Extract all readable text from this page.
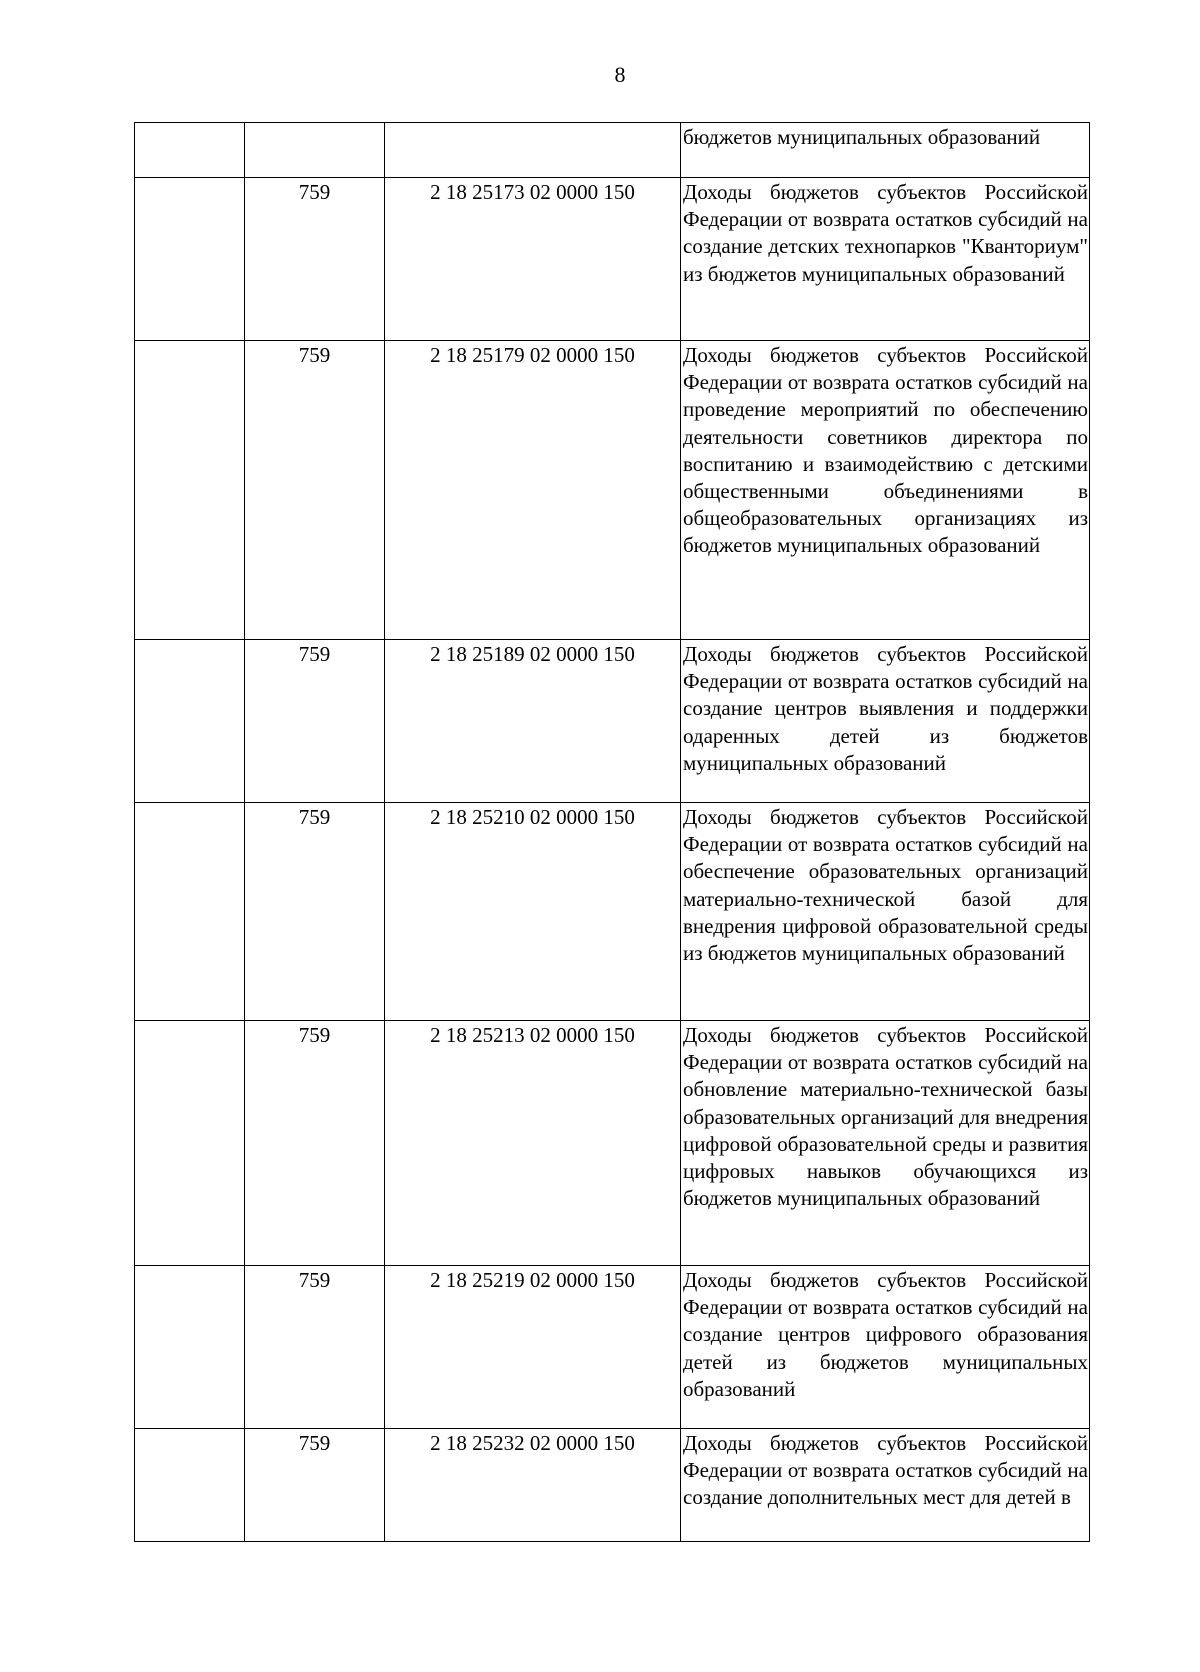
8

			бюджетов муниципальных образований

	759	2 18 25173 02 0000 150	Доходы бюджетов субъектов Российской Федерации от возврата остатков субсидий на создание детских технопарков "Кванториум" из бюджетов муниципальных образований

	759	2 18 25179 02 0000 150	Доходы бюджетов субъектов Российской Федерации от возврата остатков субсидий на проведение мероприятий по обеспечению деятельности советников директора по воспитанию и взаимодействию с детскими общественными объединениями в общеобразовательных организациях из бюджетов муниципальных образований

	759	2 18 25189 02 0000 150	Доходы бюджетов субъектов Российской Федерации от возврата остатков субсидий на создание центров выявления и поддержки одаренных детей из бюджетов муниципальных образований

	759	2 18 25210 02 0000 150	Доходы бюджетов субъектов Российской Федерации от возврата остатков субсидий на обеспечение образовательных организаций материально-технической базой для внедрения цифровой образовательной среды из бюджетов муниципальных образований

	759	2 18 25213 02 0000 150	Доходы бюджетов субъектов Российской Федерации от возврата остатков субсидий на обновление материально-технической базы образовательных организаций для внедрения цифровой образовательной среды и развития цифровых навыков обучающихся из бюджетов муниципальных образований

	759	2 18 25219 02 0000 150	Доходы бюджетов субъектов Российской Федерации от возврата остатков субсидий на создание центров цифрового образования детей из бюджетов муниципальных образований

	759	2 18 25232 02 0000 150	Доходы бюджетов субъектов Российской Федерации от возврата остатков субсидий на создание дополнительных мест для детей в
